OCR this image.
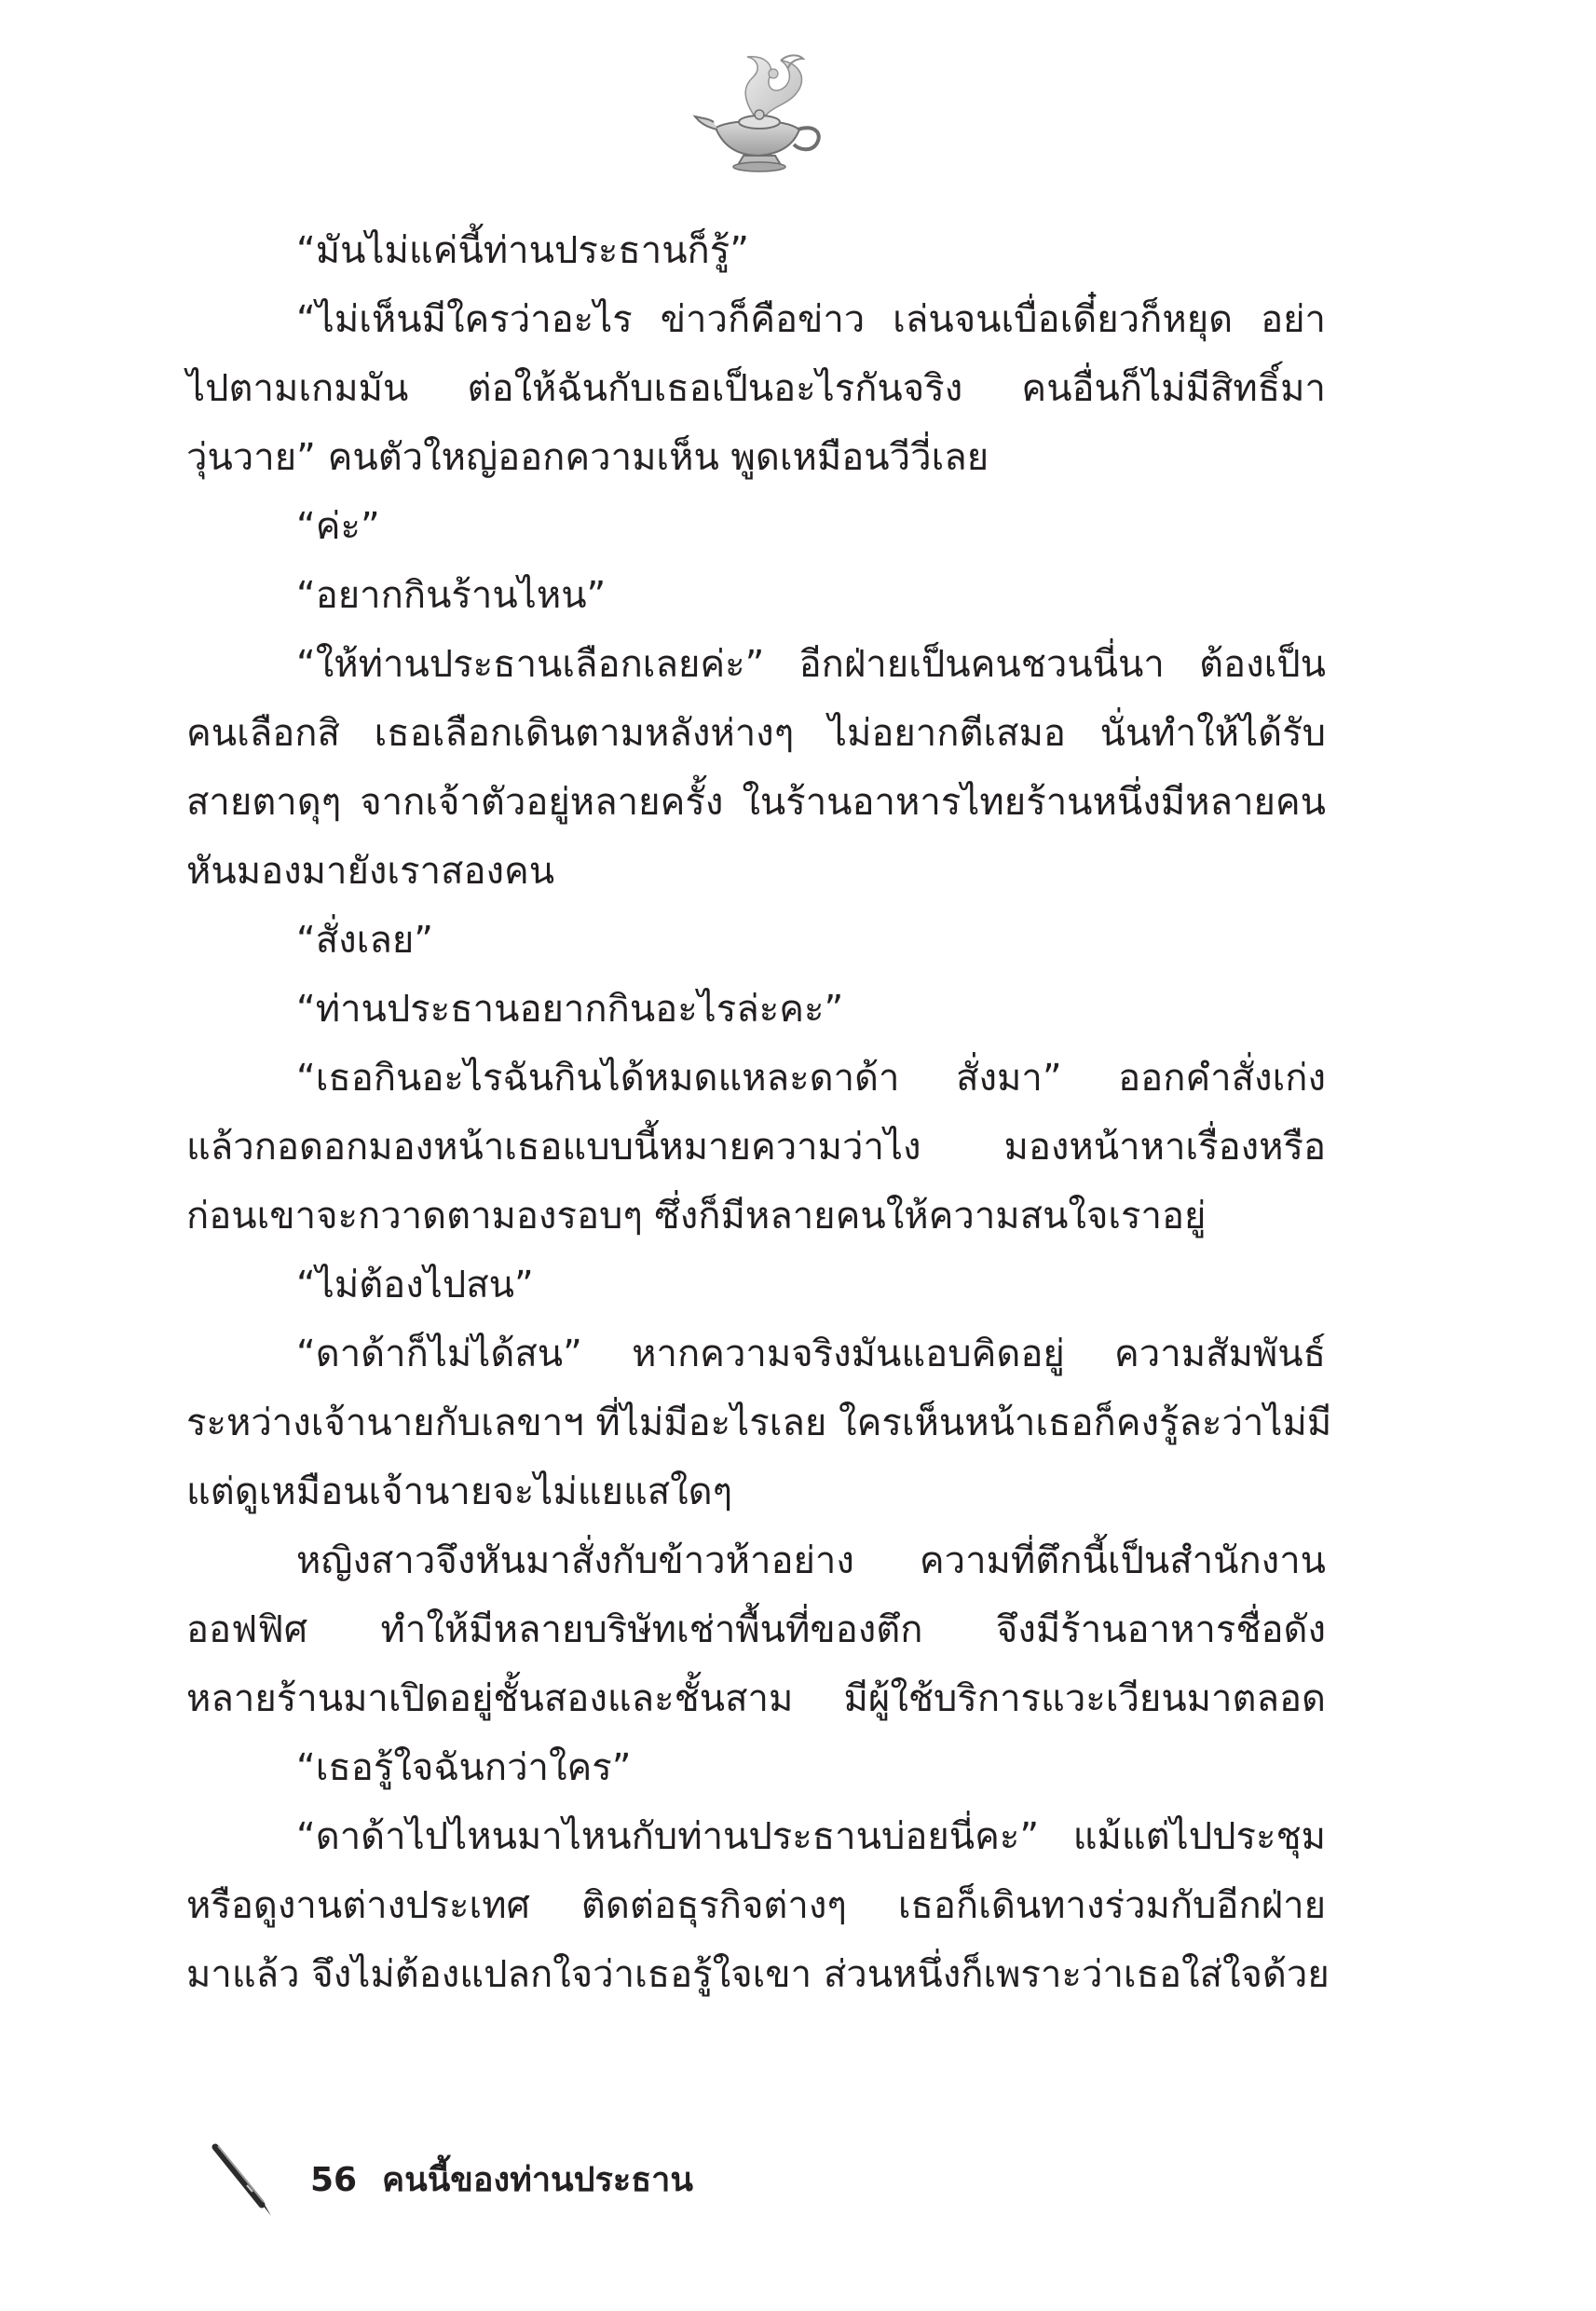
“มันไม่แค่นี้ท่านประธานก็รู้”
“ไม่เห็นมีใครว่าอะไร ข่าวก็คือข่าว เล่นจนเบื่อเดี๋ยวก็หยุด อย่า
ไปตามเกมมัน ต่อให้ฉันกับเธอเป็นอะไรกันจริง คนอื่นก็ไม่มีสิทธิ์มา
วุ่นวาย” คนตัวใหญ่ออกความเห็น พูดเหมือนวีวี่เลย
“ค่ะ”
“อยากกินร้านไหน”
“ให้ท่านประธานเลือกเลยค่ะ” อีกฝ่ายเป็นคนชวนนี่นา ต้องเป็น
คนเลือกสิ เธอเลือกเดินตามหลังห่างๆ ไม่อยากตีเสมอ นั่นทำให้ได้รับ
สายตาดุๆ จากเจ้าตัวอยู่หลายครั้ง ในร้านอาหารไทยร้านหนึ่งมีหลายคน
หันมองมายังเราสองคน
“สั่งเลย”
“ท่านประธานอยากกินอะไรล่ะคะ”
“เธอกินอะไรฉันกินได้หมดแหละดาด้า สั่งมา” ออกคำสั่งเก่ง
แล้วกอดอกมองหน้าเธอแบบนี้หมายความว่าไง มองหน้าหาเรื่องหรือ
ก่อนเขาจะกวาดตามองรอบๆ ซึ่งก็มีหลายคนให้ความสนใจเราอยู่
“ไม่ต้องไปสน”
“ดาด้าก็ไม่ได้สน” หากความจริงมันแอบคิดอยู่ ความสัมพันธ์
ระหว่างเจ้านายกับเลขาฯ ที่ไม่มีอะไรเลย ใครเห็นหน้าเธอก็คงรู้ละว่าไม่มี
แต่ดูเหมือนเจ้านายจะไม่แยแสใดๆ
หญิงสาวจึงหันมาสั่งกับข้าวห้าอย่าง ความที่ตึกนี้เป็นสำนักงาน
ออฟฟิศ ทำให้มีหลายบริษัทเช่าพื้นที่ของตึก จึงมีร้านอาหารชื่อดัง
หลายร้านมาเปิดอยู่ชั้นสองและชั้นสาม มีผู้ใช้บริการแวะเวียนมาตลอด
“เธอรู้ใจฉันกว่าใคร”
“ดาด้าไปไหนมาไหนกับท่านประธานบ่อยนี่คะ” แม้แต่ไปประชุม
หรือดูงานต่างประเทศ ติดต่อธุรกิจต่างๆ เธอก็เดินทางร่วมกับอีกฝ่าย
มาแล้ว จึงไม่ต้องแปลกใจว่าเธอรู้ใจเขา ส่วนหนึ่งก็เพราะว่าเธอใส่ใจด้วย
56 คนนี้ของท่านประธาน
